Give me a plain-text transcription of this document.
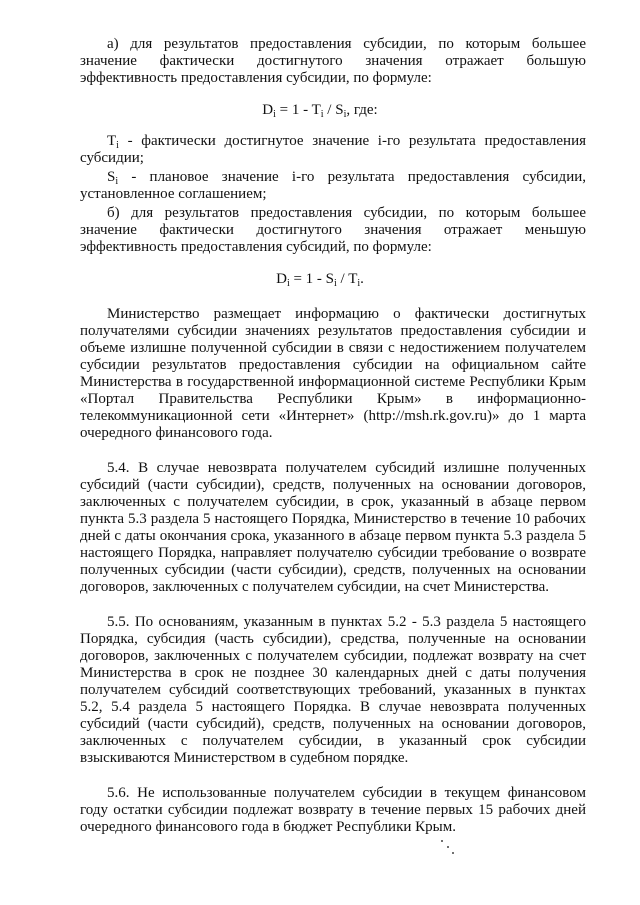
а) для результатов предоставления субсидии, по которым большее
значение фактически достигнутого значения отражает большую
эффективность предоставления субсидии, по формуле:
$D_i = 1 - T_i / S_i$, где:
$T_i$ - фактически достигнутое значение i-го результата предоставления
субсидии;
$S_i$ - плановое значение i-го результата предоставления субсидии,
установленное соглашением;
б) для результатов предоставления субсидии, по которым большее
значение фактически достигнутого значения отражает меньшую
эффективность предоставления субсидий, по формуле:
$D_i = 1 - S_i / T_i$.
Министерство размещает информацию о фактически достигнутых
получателями субсидии значениях результатов предоставления субсидии и
объеме излишне полученной субсидии в связи с недостижением получателем
субсидии результатов предоставления субсидии на официальном сайте
Министерства в государственной информационной системе Республики Крым
«Портал Правительства Республики Крым» в информационно-
телекоммуникационной сети «Интернет» (http://msh.rk.gov.ru)» до 1 марта
очередного финансового года.
5.4. В случае невозврата получателем субсидий излишне полученных
субсидий (части субсидии), средств, полученных на основании договоров,
заключенных с получателем субсидии, в срок, указанный в абзаце первом
пункта 5.3 раздела 5 настоящего Порядка, Министерство в течение 10 рабочих
дней с даты окончания срока, указанного в абзаце первом пункта 5.3 раздела 5
настоящего Порядка, направляет получателю субсидии требование о возврате
полученных субсидии (части субсидии), средств, полученных на основании
договоров, заключенных с получателем субсидии, на счет Министерства.
5.5. По основаниям, указанным в пунктах 5.2 - 5.3 раздела 5 настоящего
Порядка, субсидия (часть субсидии), средства, полученные на основании
договоров, заключенных с получателем субсидии, подлежат возврату на счет
Министерства в срок не позднее 30 календарных дней с даты получения
получателем субсидий соответствующих требований, указанных в пунктах
5.2, 5.4 раздела 5 настоящего Порядка. В случае невозврата полученных
субсидий (части субсидий), средств, полученных на основании договоров,
заключенных с получателем субсидии, в указанный срок субсидии
взыскиваются Министерством в судебном порядке.
5.6. Не использованные получателем субсидии в текущем финансовом
году остатки субсидии подлежат возврату в течение первых 15 рабочих дней
очередного финансового года в бюджет Республики Крым.
